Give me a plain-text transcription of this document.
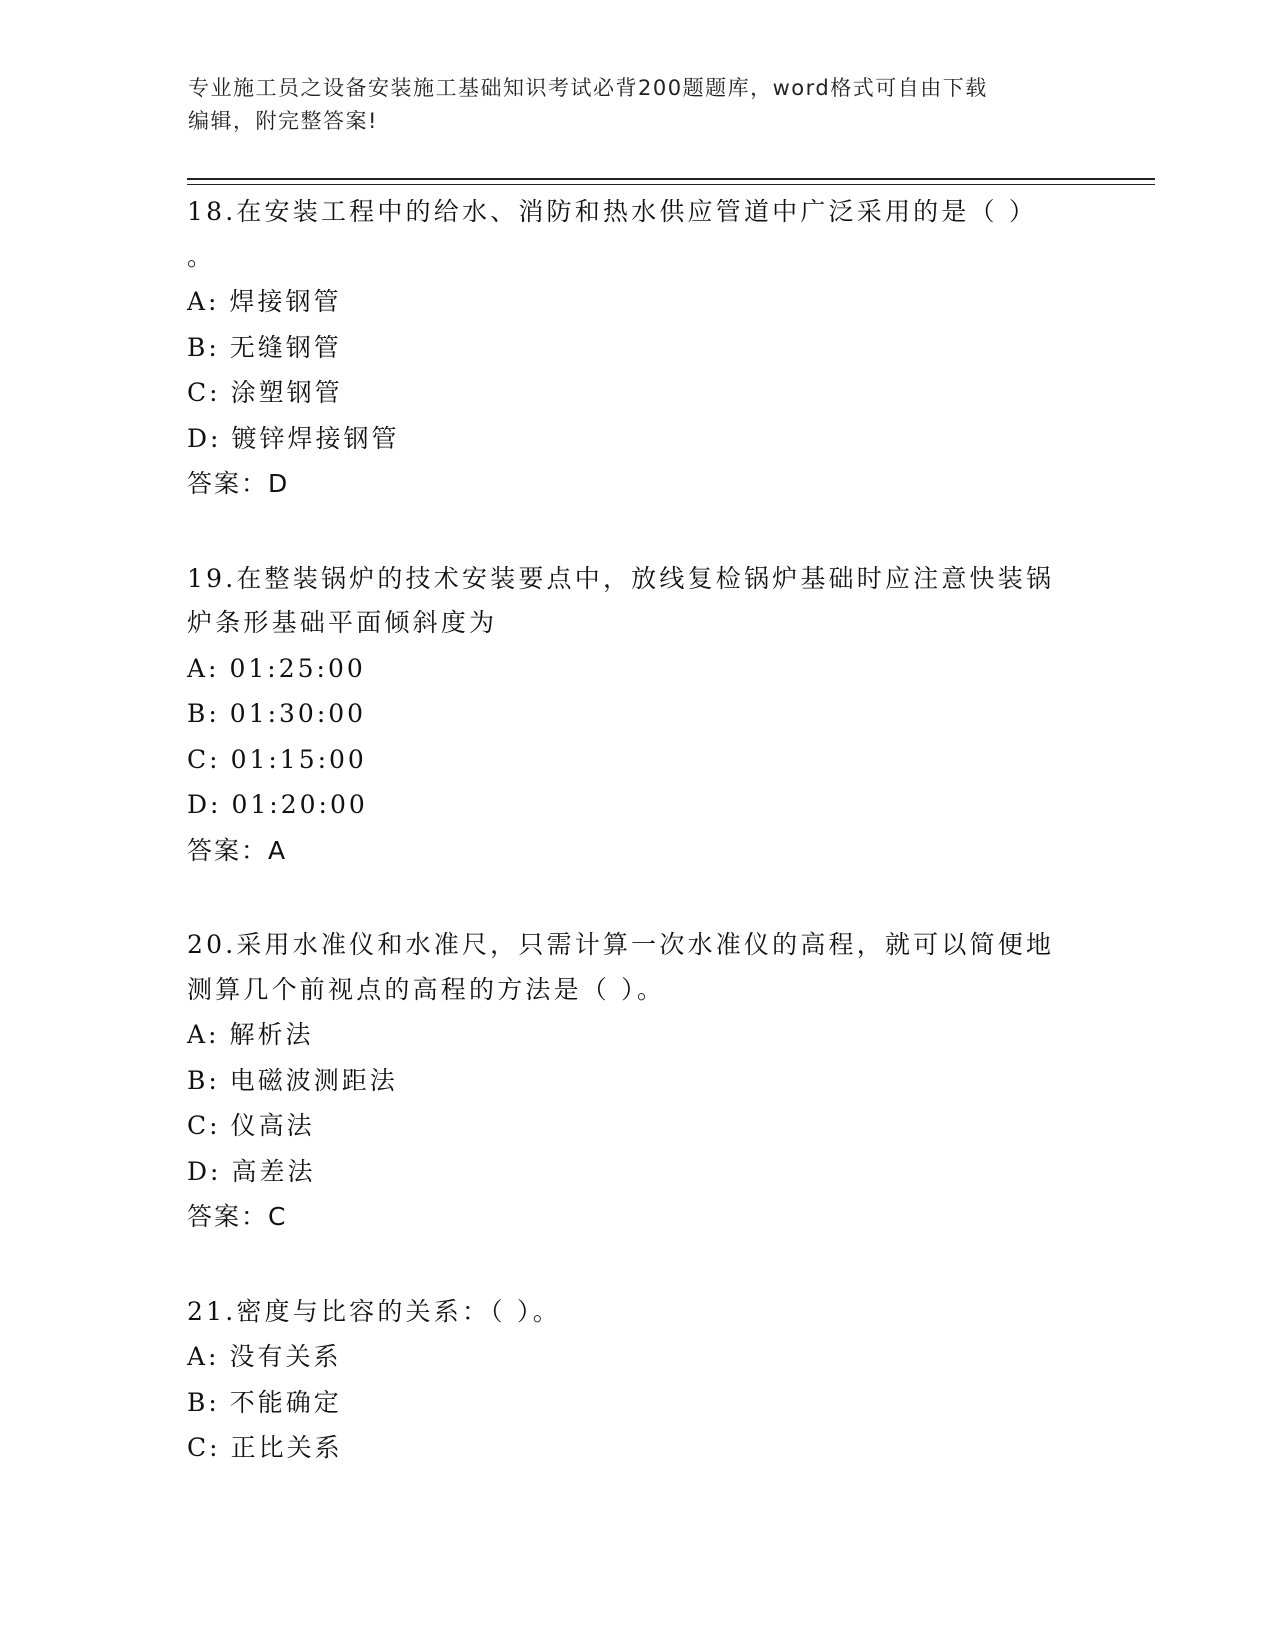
专业施工员之设备安装施工基础知识考试必背200题题库，word格式可自由下载
编辑，附完整答案!
18.在安装工程中的给水、消防和热水供应管道中广泛采用的是（ ）
。
A: 焊接钢管
B: 无缝钢管
C: 涂塑钢管
D: 镀锌焊接钢管
答案：D
19.在整装锅炉的技术安装要点中，放线复检锅炉基础时应注意快装锅
炉条形基础平面倾斜度为
A: 01:25:00
B: 01:30:00
C: 01:15:00
D: 01:20:00
答案：A
20.采用水准仪和水准尺，只需计算一次水准仪的高程，就可以简便地
测算几个前视点的高程的方法是（ ）。
A: 解析法
B: 电磁波测距法
C: 仪高法
D: 高差法
答案：C
21.密度与比容的关系：（ ）。
A: 没有关系
B: 不能确定
C: 正比关系
